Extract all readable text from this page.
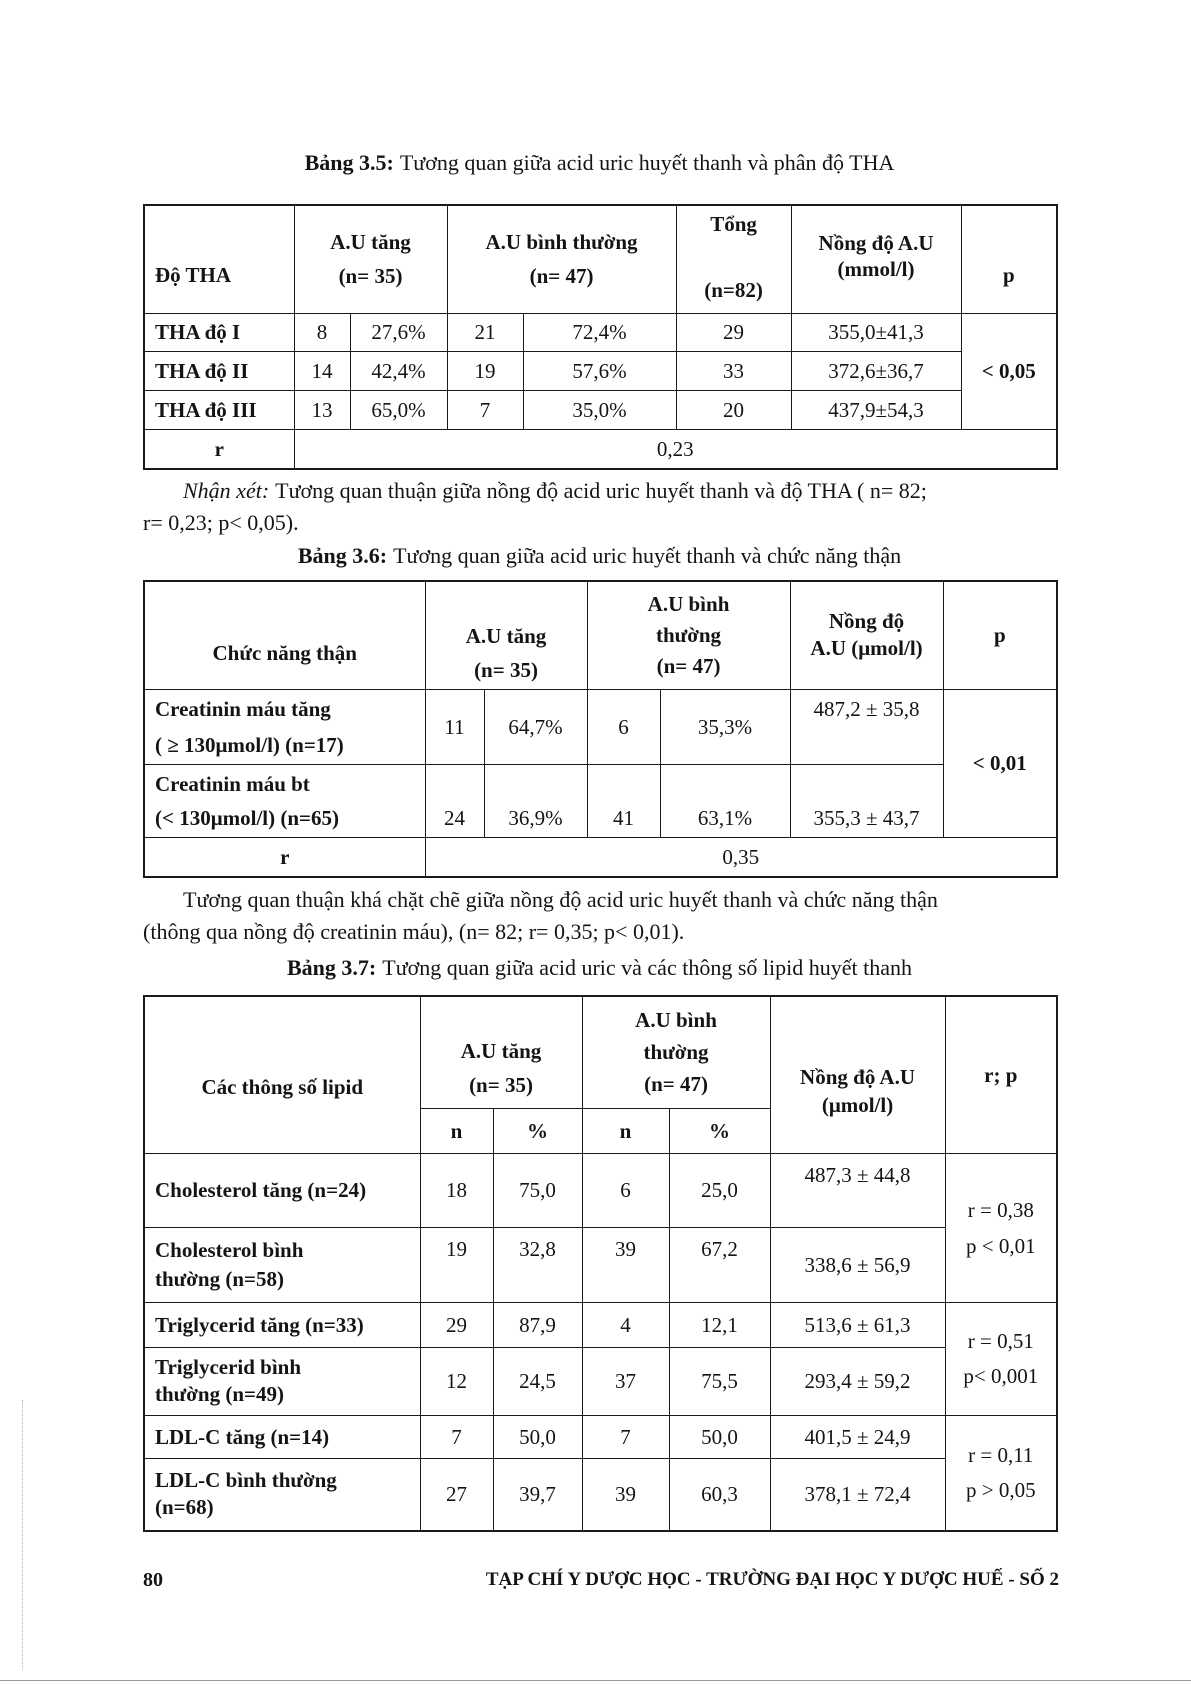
Bảng 3.5: Tương quan giữa acid uric huyết thanh và phân độ THA
Độ THA	A.U tăng
(n= 35)		A.U bình thường
(n= 47)		Tổng
(n=82)	Nồng độ A.U
(mmol/l)	p
THA độ I	8	27,6%	21	72,4%	29	355,0±41,3	< 0,05
THA độ II	14	42,4%	19	57,6%	33	372,6±36,7	
THA độ III	13	65,0%	7	35,0%	20	437,9±54,3	
r	0,23						
Nhận xét: Tương quan thuận giữa nồng độ acid uric huyết thanh và độ THA ( n= 82;
r= 0,23; p< 0,05).
Bảng 3.6: Tương quan giữa acid uric huyết thanh và chức năng thận
Chức năng thận	A.U tăng
(n= 35)		A.U bình
thường
(n= 47)		Nồng độ
A.U (μmol/l)	p

Creatinin máu tăng
( ≥ 130μmol/l) (n=17)	11	64,7%	6	35,3%	487,2 ± 35,8	< 0,01

Creatinin máu bt
(< 130μmol/l) (n=65)	24	36,9%	41	63,1%	355,3 ± 43,7	
r	0,35					
Tương quan thuận khá chặt chẽ giữa nồng độ acid uric huyết thanh và chức năng thận
(thông qua nồng độ creatinin máu), (n= 82; r= 0,35; p< 0,01).
Bảng 3.7: Tương quan giữa acid uric và các thông số lipid huyết thanh
Các thông số lipid	A.U tăng
(n= 35)		A.U bình
thường
(n= 47)		Nồng độ A.U
(μmol/l)	r; p
	n	%	n	%		
Cholesterol tăng (n=24)	18	75,0	6	25,0	487,3 ± 44,8	r = 0,38
p < 0,01

Cholesterol bình
thường (n=58)	19	32,8	39	67,2	338,6 ± 56,9	
Triglycerid tăng (n=33)	29	87,9	4	12,1	513,6 ± 61,3	r = 0,51
p< 0,001

Triglycerid bình
thường (n=49)	12	24,5	37	75,5	293,4 ± 59,2	
LDL-C tăng (n=14)	7	50,0	7	50,0	401,5 ± 24,9	r = 0,11
p > 0,05

LDL-C bình thường
(n=68)	27	39,7	39	60,3	378,1 ± 72,4	
80	TẠP CHÍ Y DƯỢC HỌC - TRƯỜNG ĐẠI HỌC Y DƯỢC HUẾ - SỐ 2
